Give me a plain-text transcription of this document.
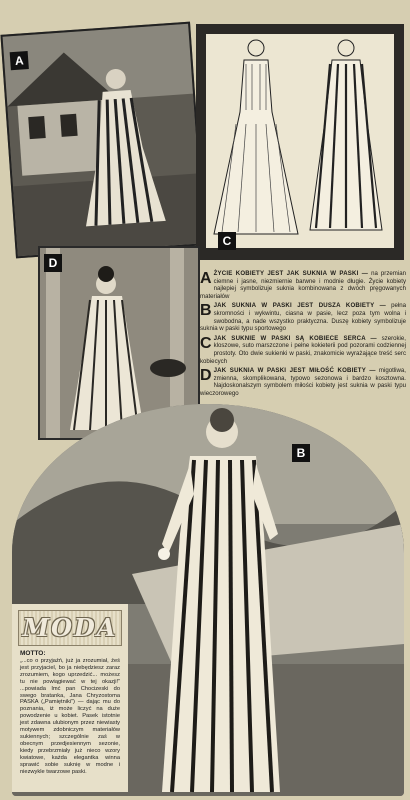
A
C
D

A ŻYCIE KOBIETY JEST JAK SUKNIA W PASKI — na przemian ciemne i jasne, niezmiernie barwne i modnie długie. Życie kobiety najlepiej symbolizuje suknia kombinowana z dwóch pręgowanych materiałów

B JAK SUKNIA W PASKI JEST DUSZA KOBIETY — pełna skromności i wykwintu, ciasna w pasie, lecz poza tym wolna i swobodna, a nade wszystko praktyczna. Duszę kobiety symbolizuje suknia w paski typu sportowego

C JAK SUKNIE W PASKI SĄ KOBIECE SERCA — szerokie, kloszowe, suto marszczone i pełne kokieterii pod pozorami codziennej prostoty. Oto dwie sukienki w paski, znakomicie wyrażające treść serc kobiecych

D JAK SUKNIA W PASKI JEST MIŁOŚĆ KOBIETY — migotliwa, zmienna, skomplikowana, typowo sezonowa i bardzo kosztowna. Najdoskonalszym symbolem miłości kobiety jest suknia w paski typu wieczorowego

B
MODA
MOTTO:
„...co o przyjaźń, już ja zrozumiał, źeś jest przyjaciel, bo ja niebędziesz zaraz zrozumiem, kogo uprzedzić... możesz tu nie powiągiewać w tej okazji!” ...powiada Imć pan Chocizeski do swego bratanka, Jana Chryzostoma PASKA („Pamiętniki”) — dając mu do poznania, iż może liczyć na duże powodzenie u kobiet. Pasek istotnie jest zdawna ulubionym przez niewiasty motywem zdobniczym materiałów sukiennych; szczególnie zaś w obecnym przedjesiennym sezonie, kiedy przebrzmiały już nieco wzory kwiatowe, każda elegantka winna sprawić sobie suknię w modne i niezwykle twarzowe paski.
